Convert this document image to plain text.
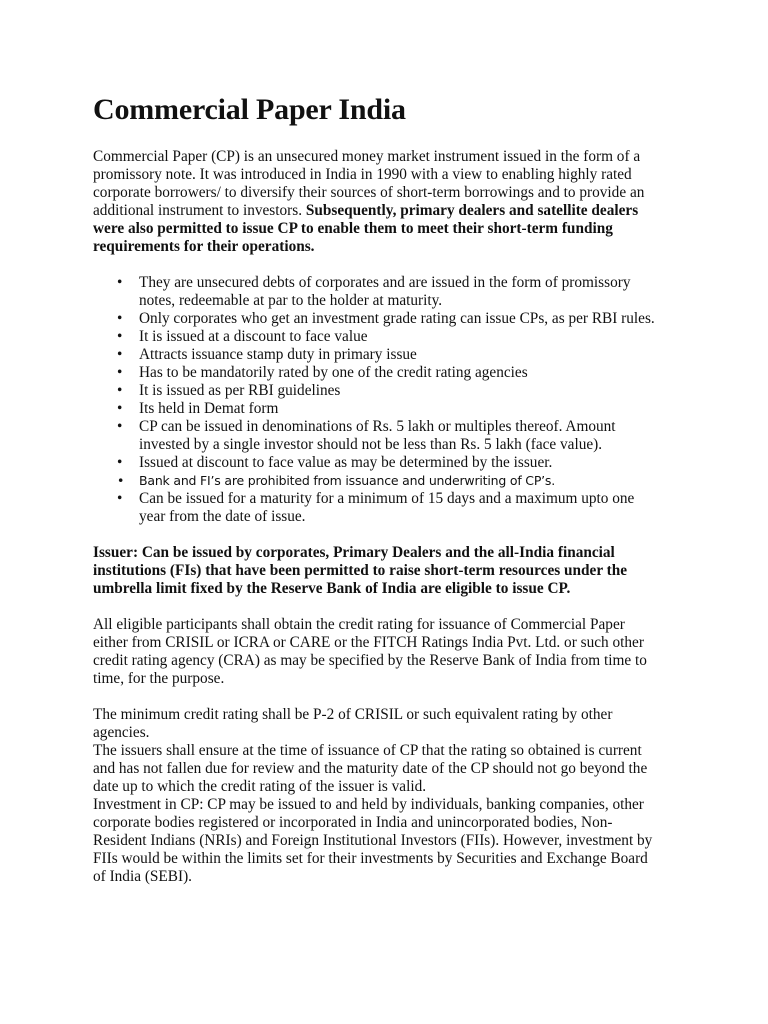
Commercial Paper India

Commercial Paper (CP) is an unsecured money market instrument issued in the form of a promissory note. It was introduced in India in 1990 with a view to enabling highly rated corporate borrowers/ to diversify their sources of short-term borrowings and to provide an additional instrument to investors. Subsequently, primary dealers and satellite dealers were also permitted to issue CP to enable them to meet their short-term funding requirements for their operations.

• They are unsecured debts of corporates and are issued in the form of promissory notes, redeemable at par to the holder at maturity.
• Only corporates who get an investment grade rating can issue CPs, as per RBI rules.
• It is issued at a discount to face value
• Attracts issuance stamp duty in primary issue
• Has to be mandatorily rated by one of the credit rating agencies
• It is issued as per RBI guidelines
• Its held in Demat form
• CP can be issued in denominations of Rs. 5 lakh or multiples thereof. Amount invested by a single investor should not be less than Rs. 5 lakh (face value).
• Issued at discount to face value as may be determined by the issuer.
• Bank and FI’s are prohibited from issuance and underwriting of CP’s.
• Can be issued for a maturity for a minimum of 15 days and a maximum upto one year from the date of issue.

Issuer: Can be issued by corporates, Primary Dealers and the all-India financial institutions (FIs) that have been permitted to raise short-term resources under the umbrella limit fixed by the Reserve Bank of India are eligible to issue CP.

All eligible participants shall obtain the credit rating for issuance of Commercial Paper either from CRISIL or ICRA or CARE or the FITCH Ratings India Pvt. Ltd. or such other credit rating agency (CRA) as may be specified by the Reserve Bank of India from time to time, for the purpose.

The minimum credit rating shall be P-2 of CRISIL or such equivalent rating by other agencies.

The issuers shall ensure at the time of issuance of CP that the rating so obtained is current and has not fallen due for review and the maturity date of the CP should not go beyond the date up to which the credit rating of the issuer is valid.

Investment in CP: CP may be issued to and held by individuals, banking companies, other corporate bodies registered or incorporated in India and unincorporated bodies, Non-Resident Indians (NRIs) and Foreign Institutional Investors (FIIs). However, investment by FIIs would be within the limits set for their investments by Securities and Exchange Board of India (SEBI).
